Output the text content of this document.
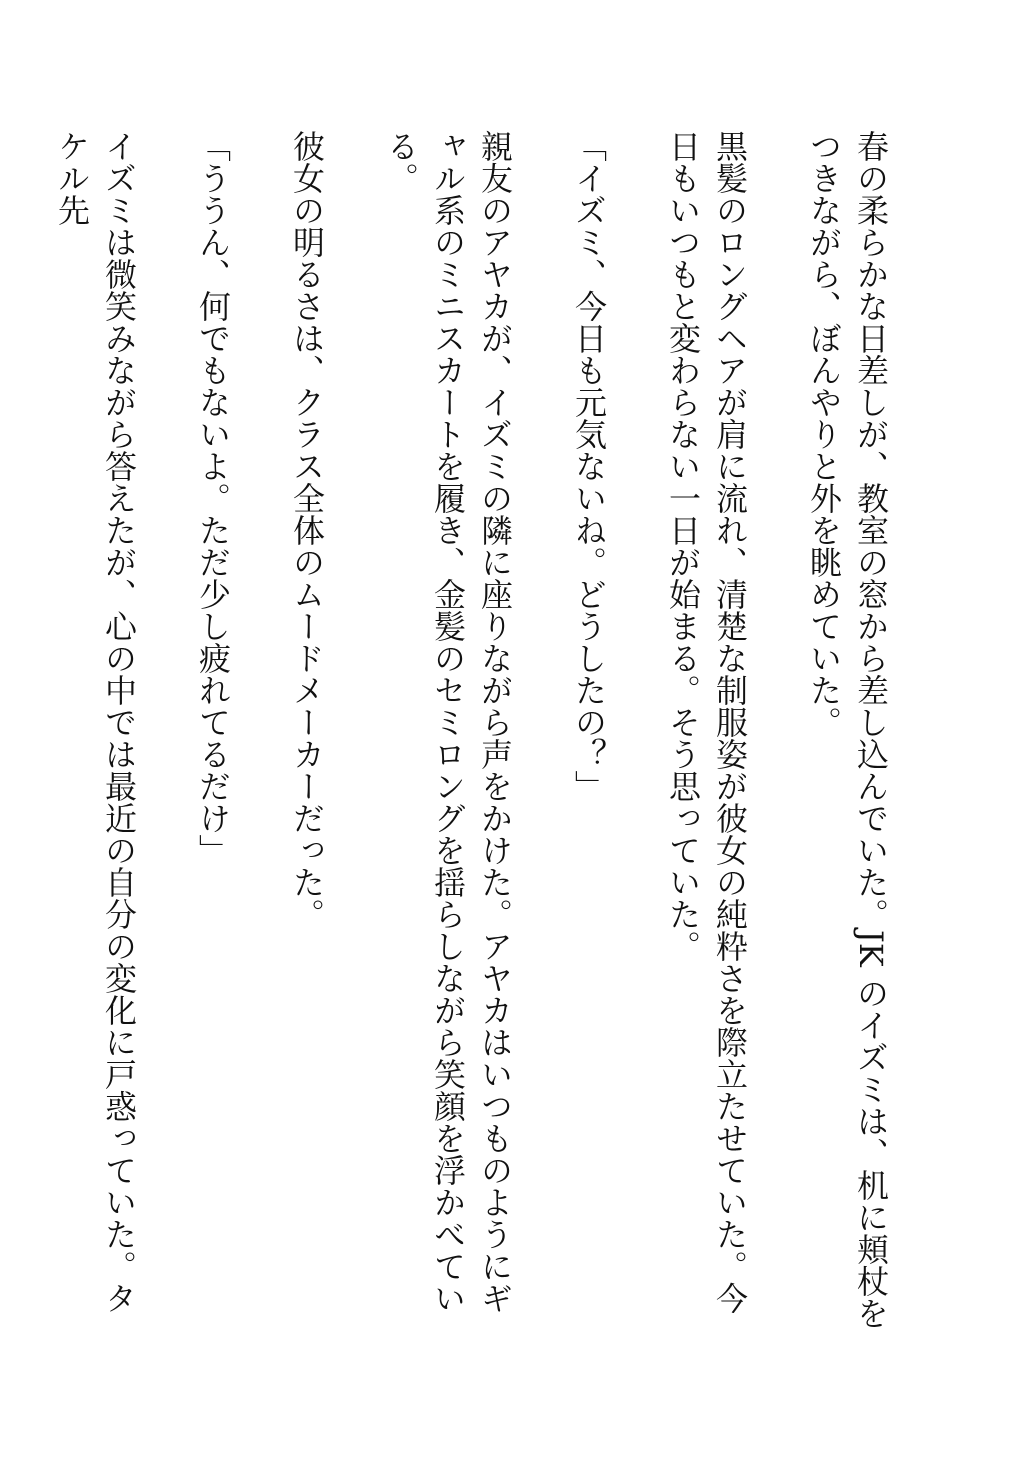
春の柔らかな日差しが、教室の窓から差し込んでいた。JK のイズミは、机に頬杖をつきながら、ぼんやりと外を眺めていた。

黒髪のロングヘアが肩に流れ、清楚な制服姿が彼女の純粋さを際立たせていた。今日もいつもと変わらない一日が始まる。そう思っていた。

「イズミ、今日も元気ないね。どうしたの？」

親友のアヤカが、イズミの隣に座りながら声をかけた。アヤカはいつものようにギャル系のミニスカートを履き、金髪のセミロングを揺らしながら笑顔を浮かべている。

彼女の明るさは、クラス全体のムードメーカーだった。

「ううん、何でもないよ。ただ少し疲れてるだけ」

イズミは微笑みながら答えたが、心の中では最近の自分の変化に戸惑っていた。タケル先
